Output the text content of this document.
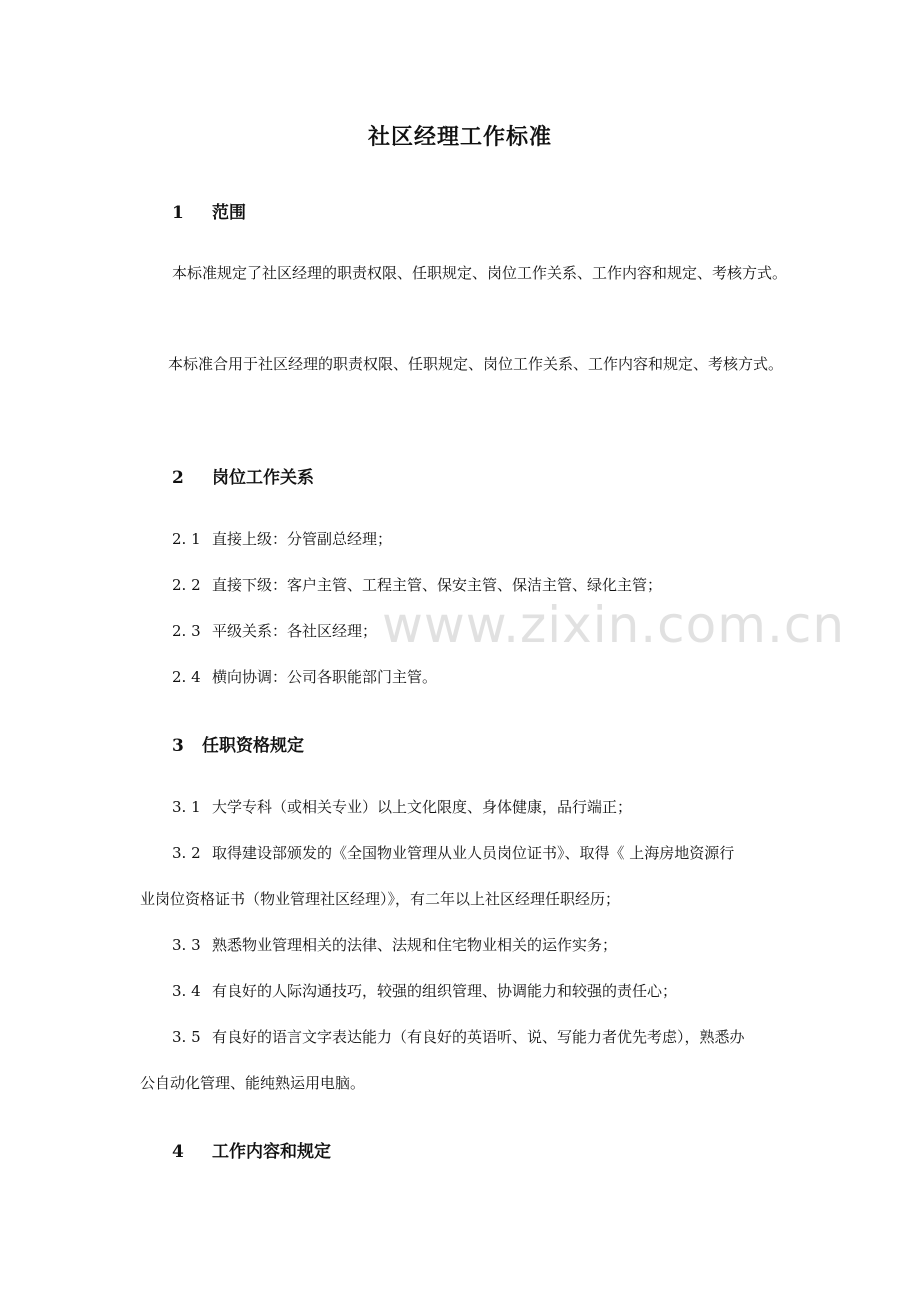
社区经理工作标准
1 范围
本标准规定了社区经理的职责权限、任职规定、岗位工作关系、工作内容和规定、考核方式。
本标准合用于社区经理的职责权限、任职规定、岗位工作关系、工作内容和规定、考核方式。
2 岗位工作关系
2. 1 直接上级：分管副总经理；
2. 2 直接下级：客户主管、工程主管、保安主管、保洁主管、绿化主管；
2. 3 平级关系：各社区经理；
2. 4 横向协调：公司各职能部门主管。
3 任职资格规定
3. 1 大学专科（或相关专业）以上文化限度、身体健康，品行端正；
3. 2 取得建设部颁发的《全国物业管理从业人员岗位证书》、取得《 上海房地资源行
业岗位资格证书（物业管理社区经理）》，有二年以上社区经理任职经历；
3. 3 熟悉物业管理相关的法律、法规和住宅物业相关的运作实务；
3. 4 有良好的人际沟通技巧，较强的组织管理、协调能力和较强的责任心；
3. 5 有良好的语言文字表达能力（有良好的英语听、说、写能力者优先考虑），熟悉办
公自动化管理、能纯熟运用电脑。
4 工作内容和规定
www.zixin.com.cn
